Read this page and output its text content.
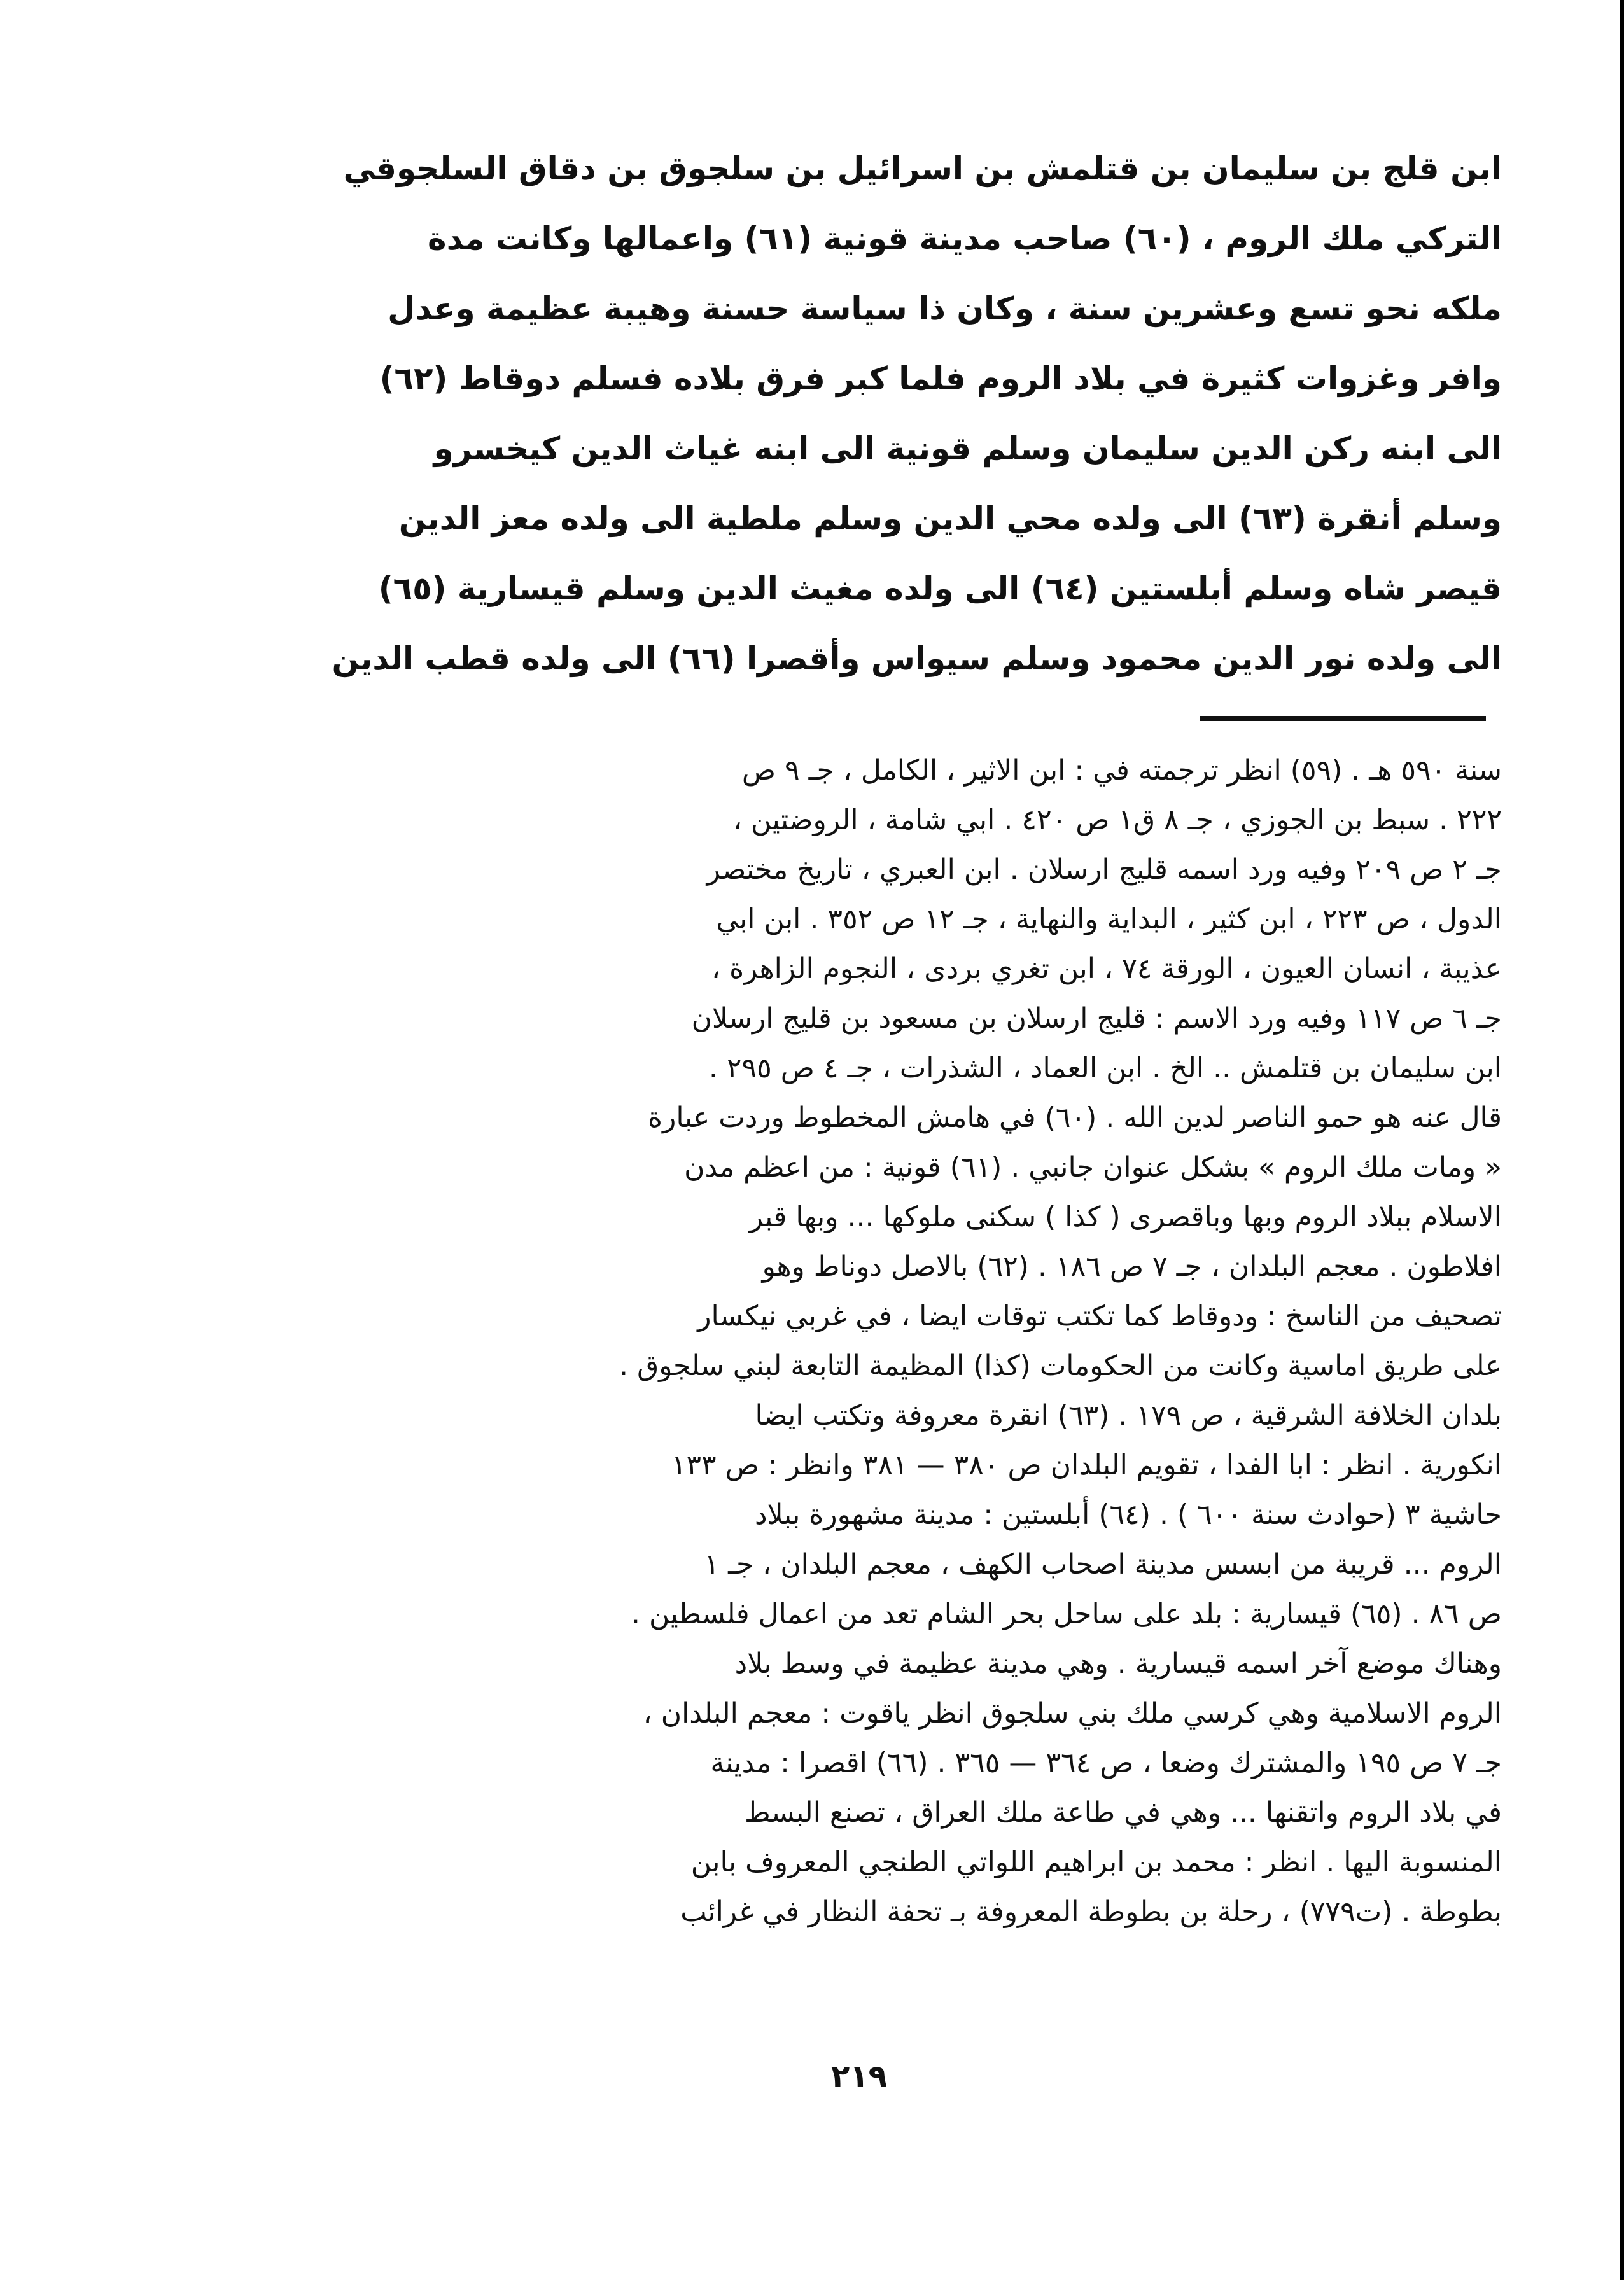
ابن قلج بن سليمان بن قتلمش بن اسرائيل بن سلجوق بن دقاق السلجوقي
التركي ملك الروم ، (٦٠) صاحب مدينة قونية (٦١) واعمالها وكانت مدة
ملكه نحو تسع وعشرين سنة ، وكان ذا سياسة حسنة وهيبة عظيمة وعدل
وافر وغزوات كثيرة في بلاد الروم فلما كبر فرق بلاده فسلم دوقاط (٦٢)
الى ابنه ركن الدين سليمان وسلم قونية الى ابنه غياث الدين كيخسرو
وسلم أنقرة (٦٣) الى ولده محي الدين وسلم ملطية الى ولده معز الدين
قيصر شاه وسلم أبلستين (٦٤) الى ولده مغيث الدين وسلم قيسارية (٦٥)
الى ولده نور الدين محمود وسلم سيواس وأقصرا (٦٦) الى ولده قطب الدين
سنة ٥٩٠ هـ . (٥٩) انظر ترجمته في : ابن الاثير ، الكامل ، جـ ٩ ص
٢٢٢ . سبط بن الجوزي ، جـ ٨ ق١ ص ٤٢٠ . ابي شامة ، الروضتين ،
جـ ٢ ص ٢٠٩ وفيه ورد اسمه قليج ارسلان . ابن العبري ، تاريخ مختصر
الدول ، ص ٢٢٣ ، ابن كثير ، البداية والنهاية ، جـ ١٢ ص ٣٥٢ . ابن ابي
عذيبة ، انسان العيون ، الورقة ٧٤ ، ابن تغري بردى ، النجوم الزاهرة ،
جـ ٦ ص ١١٧ وفيه ورد الاسم : قليج ارسلان بن مسعود بن قليج ارسلان
ابن سليمان بن قتلمش .. الخ . ابن العماد ، الشذرات ، جـ ٤ ص ٢٩٥ .
قال عنه هو حمو الناصر لدين الله . (٦٠) في هامش المخطوط وردت عبارة
« ومات ملك الروم » بشكل عنوان جانبي . (٦١) قونية : من اعظم مدن
الاسلام ببلاد الروم وبها وباقصرى ( كذا ) سكنى ملوكها ... وبها قبر
افلاطون . معجم البلدان ، جـ ٧ ص ١٨٦ . (٦٢) بالاصل دوناط وهو
تصحيف من الناسخ : ودوقاط كما تكتب توقات ايضا ، في غربي نيكسار
على طريق اماسية وكانت من الحكومات (كذا) المظيمة التابعة لبني سلجوق .
بلدان الخلافة الشرقية ، ص ١٧٩ . (٦٣) انقرة معروفة وتكتب ايضا
انكورية . انظر : ابا الفدا ، تقويم البلدان ص ٣٨٠ — ٣٨١ وانظر : ص ١٣٣
حاشية ٣ (حوادث سنة ٦٠٠ ) . (٦٤) أبلستين : مدينة مشهورة ببلاد
الروم ... قريبة من ابسس مدينة اصحاب الكهف ، معجم البلدان ، جـ ١
ص ٨٦ . (٦٥) قيسارية : بلد على ساحل بحر الشام تعد من اعمال فلسطين .
وهناك موضع آخر اسمه قيسارية . وهي مدينة عظيمة في وسط بلاد
الروم الاسلامية وهي كرسي ملك بني سلجوق انظر ياقوت : معجم البلدان ،
جـ ٧ ص ١٩٥ والمشترك وضعا ، ص ٣٦٤ — ٣٦٥ . (٦٦) اقصرا : مدينة
في بلاد الروم واتقنها ... وهي في طاعة ملك العراق ، تصنع البسط
المنسوبة اليها . انظر : محمد بن ابراهيم اللواتي الطنجي المعروف بابن
بطوطة . (ت٧٧٩) ، رحلة بن بطوطة المعروفة بـ تحفة النظار في غرائب
٢١٩
